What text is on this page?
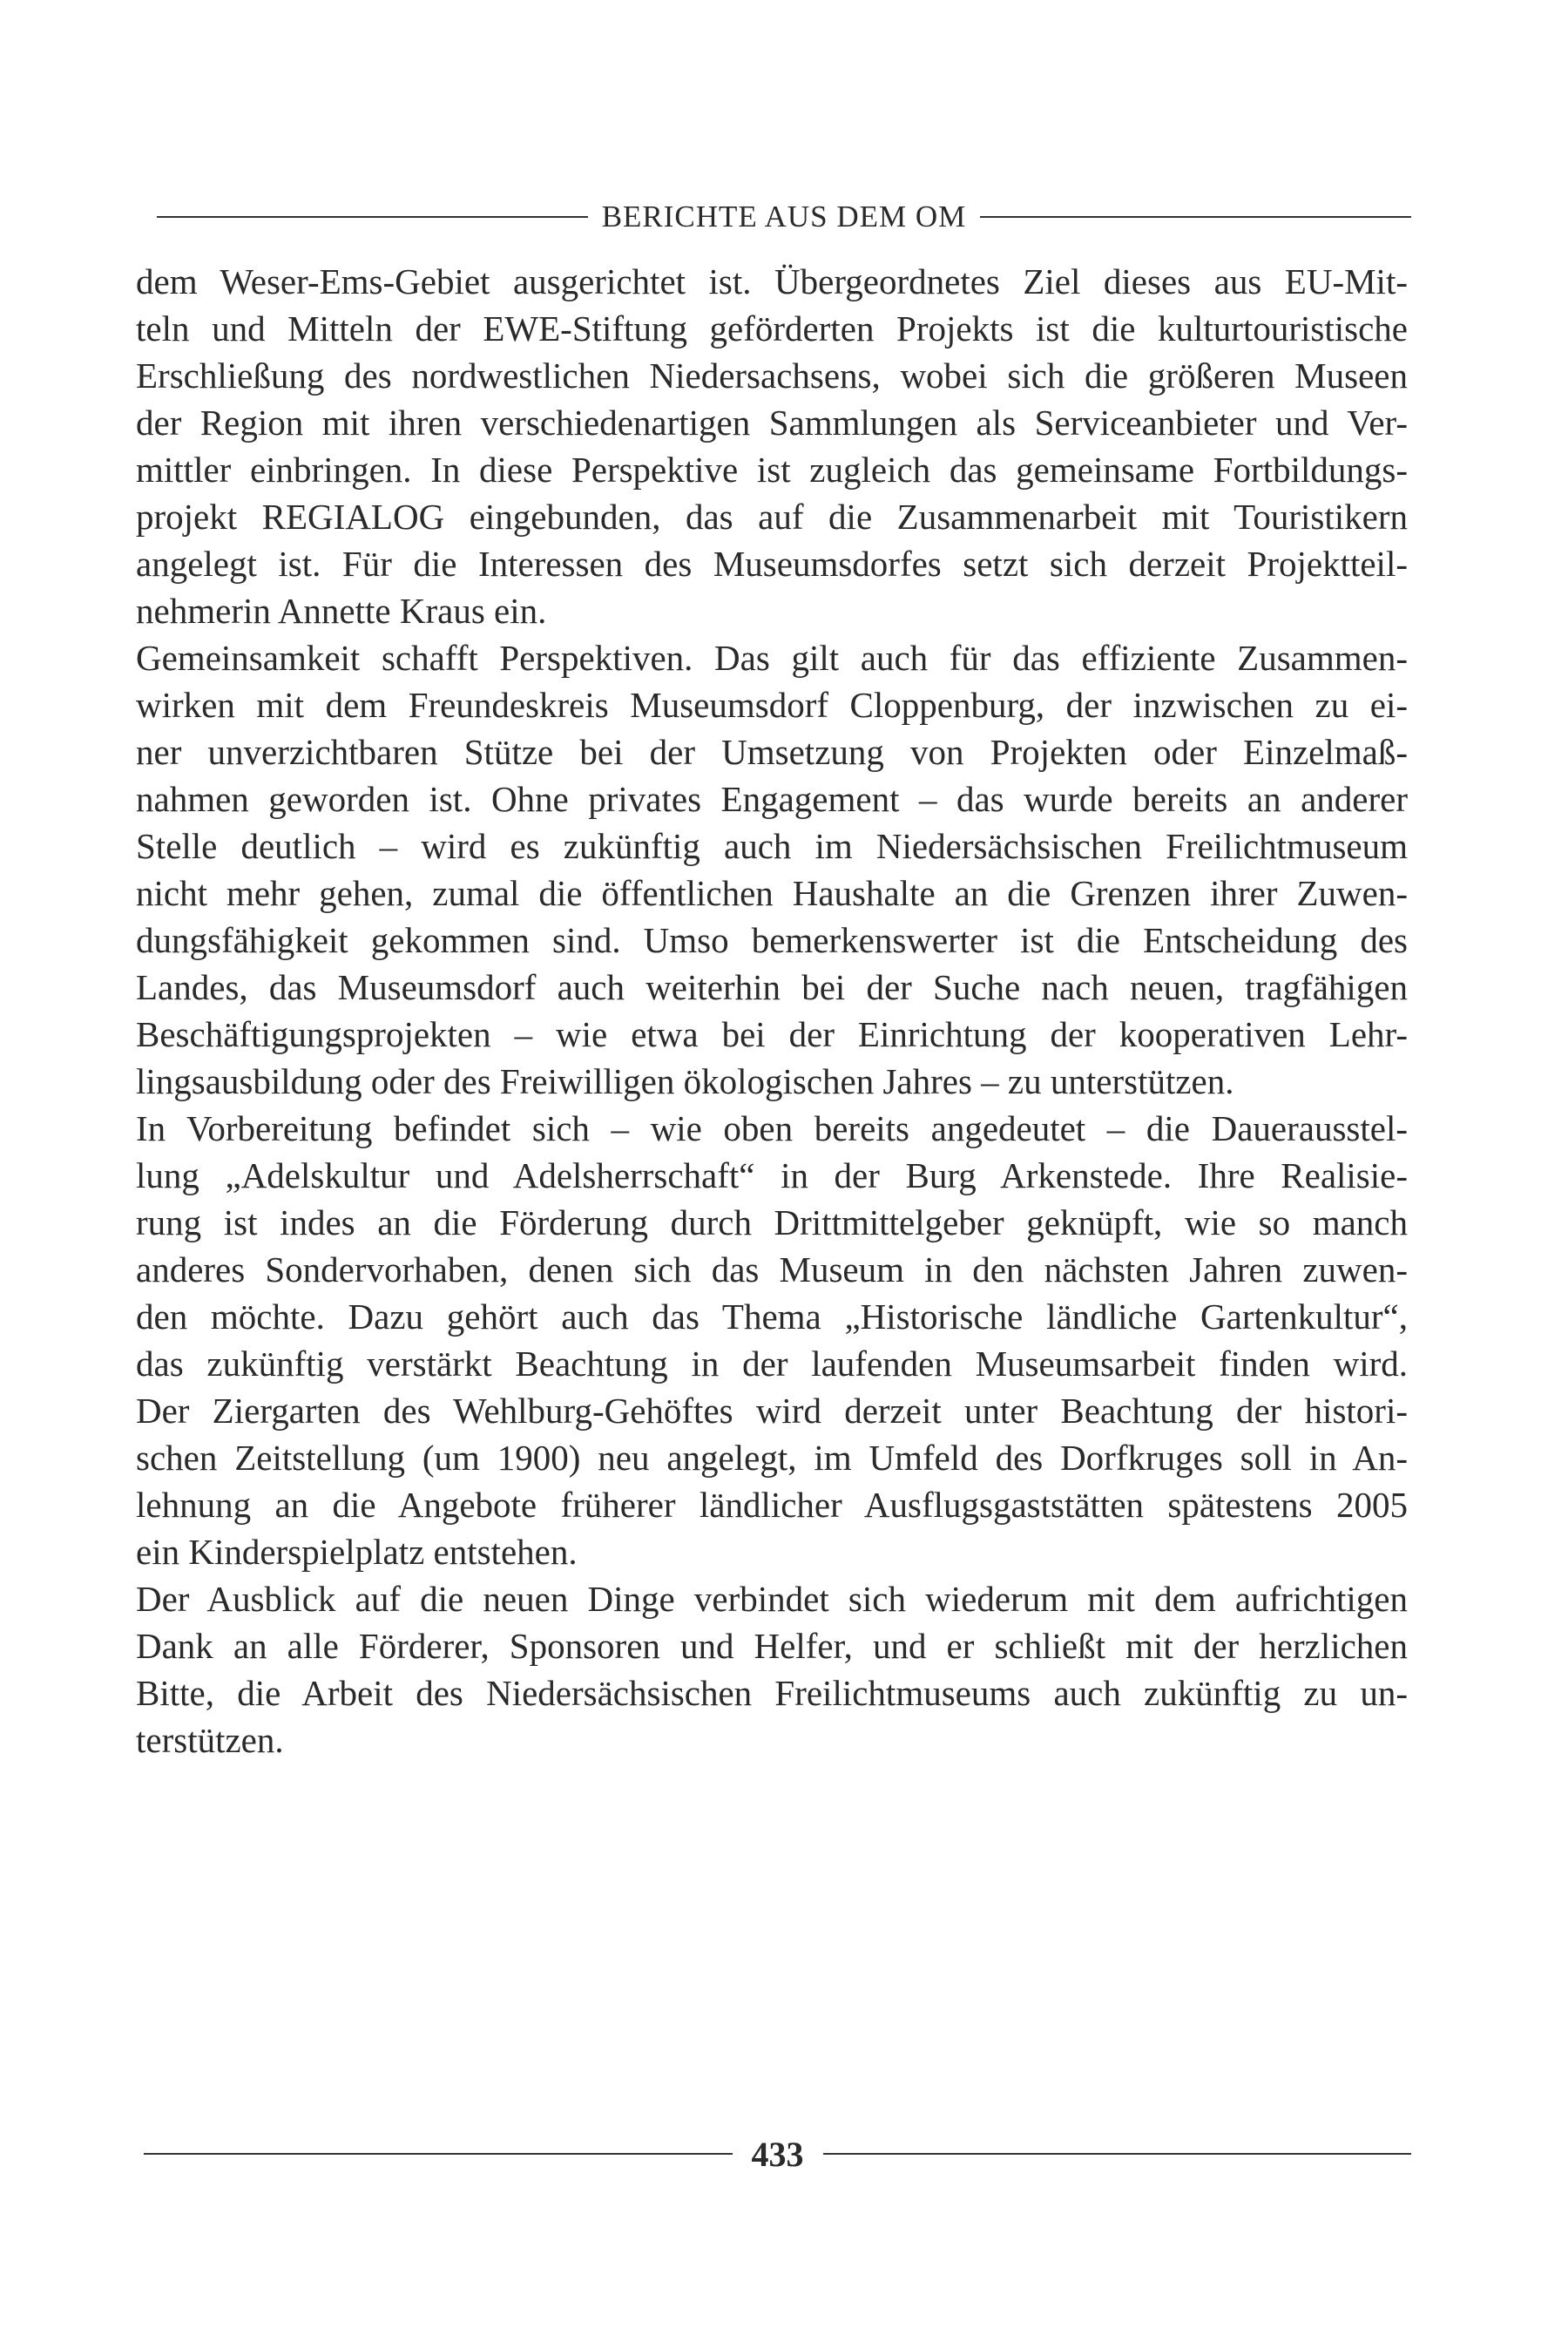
BERICHTE AUS DEM OM
dem Weser-Ems-Gebiet ausgerichtet ist. Übergeordnetes Ziel dieses aus EU-Mit-
teln und Mitteln der EWE-Stiftung geförderten Projekts ist die kulturtouristische
Erschließung des nordwestlichen Niedersachsens, wobei sich die größeren Museen
der Region mit ihren verschiedenartigen Sammlungen als Serviceanbieter und Ver-
mittler einbringen. In diese Perspektive ist zugleich das gemeinsame Fortbildungs-
projekt REGIALOG eingebunden, das auf die Zusammenarbeit mit Touristikern
angelegt ist. Für die Interessen des Museumsdorfes setzt sich derzeit Projektteil-
nehmerin Annette Kraus ein.
Gemeinsamkeit schafft Perspektiven. Das gilt auch für das effiziente Zusammen-
wirken mit dem Freundeskreis Museumsdorf Cloppenburg, der inzwischen zu ei-
ner unverzichtbaren Stütze bei der Umsetzung von Projekten oder Einzelmaß-
nahmen geworden ist. Ohne privates Engagement – das wurde bereits an anderer
Stelle deutlich – wird es zukünftig auch im Niedersächsischen Freilichtmuseum
nicht mehr gehen, zumal die öffentlichen Haushalte an die Grenzen ihrer Zuwen-
dungsfähigkeit gekommen sind. Umso bemerkenswerter ist die Entscheidung des
Landes, das Museumsdorf auch weiterhin bei der Suche nach neuen, tragfähigen
Beschäftigungsprojekten – wie etwa bei der Einrichtung der kooperativen Lehr-
lingsausbildung oder des Freiwilligen ökologischen Jahres – zu unterstützen.
In Vorbereitung befindet sich – wie oben bereits angedeutet – die Dauerausstel-
lung „Adelskultur und Adelsherrschaft“ in der Burg Arkenstede. Ihre Realisie-
rung ist indes an die Förderung durch Drittmittelgeber geknüpft, wie so manch
anderes Sondervorhaben, denen sich das Museum in den nächsten Jahren zuwen-
den möchte. Dazu gehört auch das Thema „Historische ländliche Gartenkultur“,
das zukünftig verstärkt Beachtung in der laufenden Museumsarbeit finden wird.
Der Ziergarten des Wehlburg-Gehöftes wird derzeit unter Beachtung der histori-
schen Zeitstellung (um 1900) neu angelegt, im Umfeld des Dorfkruges soll in An-
lehnung an die Angebote früherer ländlicher Ausflugsgaststätten spätestens 2005
ein Kinderspielplatz entstehen.
Der Ausblick auf die neuen Dinge verbindet sich wiederum mit dem aufrichtigen
Dank an alle Förderer, Sponsoren und Helfer, und er schließt mit der herzlichen
Bitte, die Arbeit des Niedersächsischen Freilichtmuseums auch zukünftig zu un-
terstützen.
433
